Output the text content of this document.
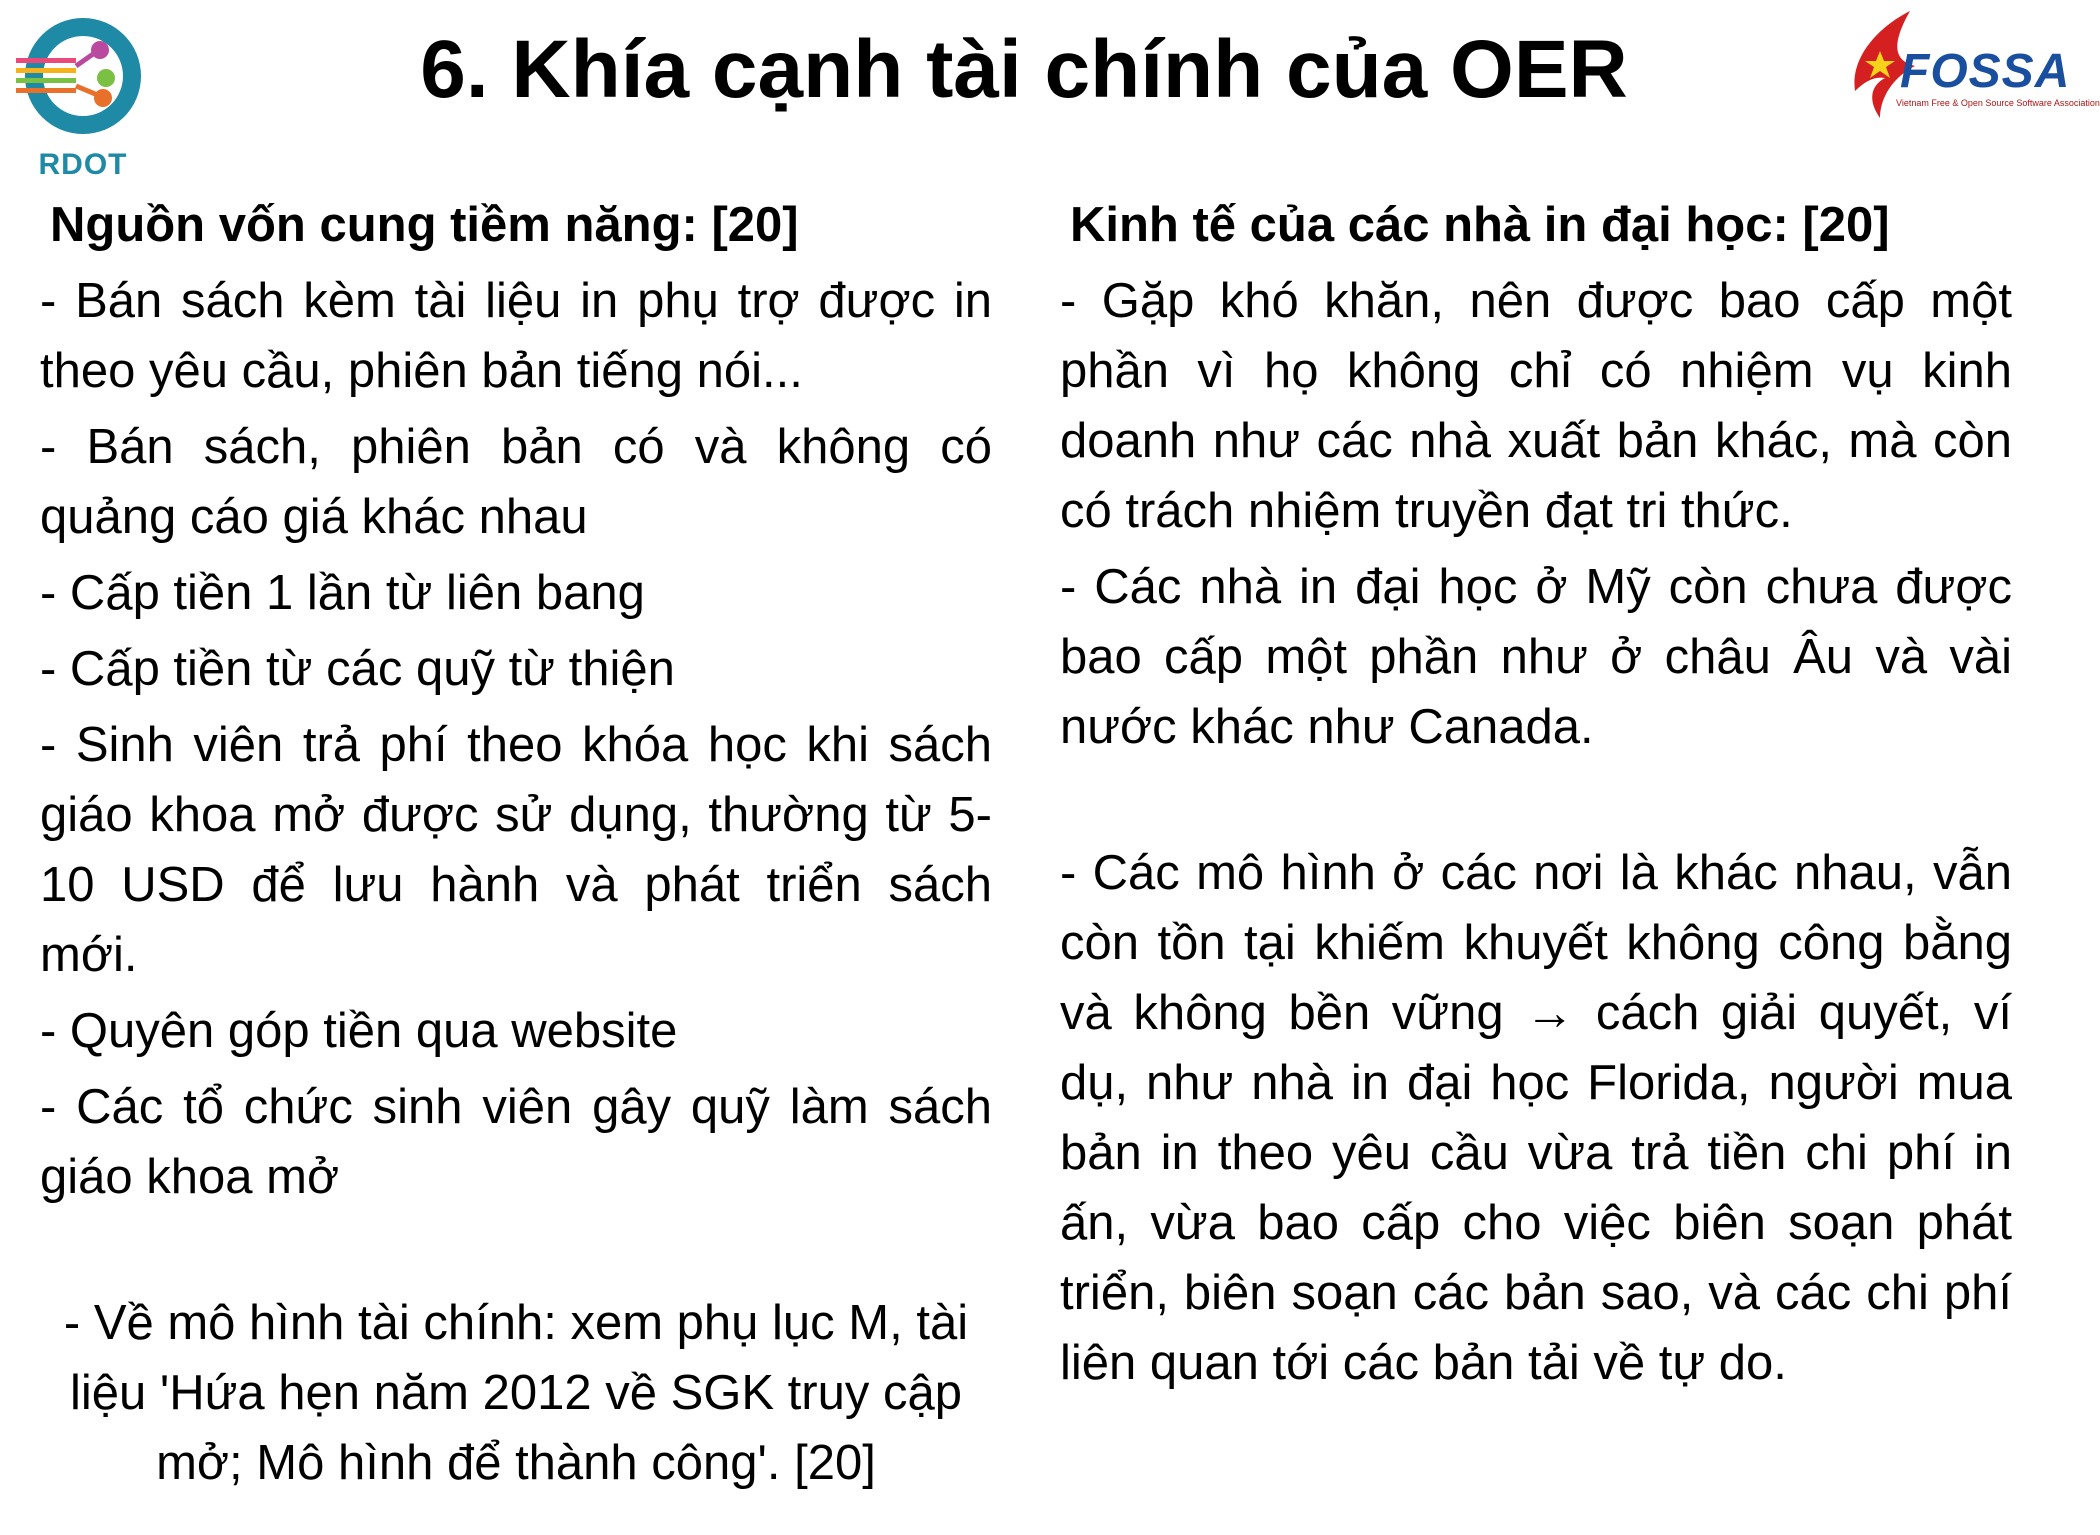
RDOT
6. Khía cạnh tài chính của OER	FOSSA
Vietnam Free & Open Source Software Association
Nguồn vốn cung tiềm năng: [20]

- Bán sách kèm tài liệu in phụ trợ được in theo yêu cầu, phiên bản tiếng nói...

- Bán sách, phiên bản có và không có quảng cáo giá khác nhau

- Cấp tiền 1 lần từ liên bang

- Cấp tiền từ các quỹ từ thiện

- Sinh viên trả phí theo khóa học khi sách giáo khoa mở được sử dụng, thường từ 5-10 USD để lưu hành và phát triển sách mới.

- Quyên góp tiền qua website

- Các tổ chức sinh viên gây quỹ làm sách giáo khoa mở

- Về mô hình tài chính: xem phụ lục M, tài liệu 'Hứa hẹn năm 2012 về SGK truy cập mở; Mô hình để thành công'. [20]

Kinh tế của các nhà in đại học: [20]

- Gặp khó khăn, nên được bao cấp một phần vì họ không chỉ có nhiệm vụ kinh doanh như các nhà xuất bản khác, mà còn có trách nhiệm truyền đạt tri thức.

- Các nhà in đại học ở Mỹ còn chưa được bao cấp một phần như ở châu Âu và vài nước khác như Canada.

- Các mô hình ở các nơi là khác nhau, vẫn còn tồn tại khiếm khuyết không công bằng và không bền vững → cách giải quyết, ví dụ, như nhà in đại học Florida, người mua bản in theo yêu cầu vừa trả tiền chi phí in ấn, vừa bao cấp cho việc biên soạn phát triển, biên soạn các bản sao, và các chi phí liên quan tới các bản tải về tự do.
